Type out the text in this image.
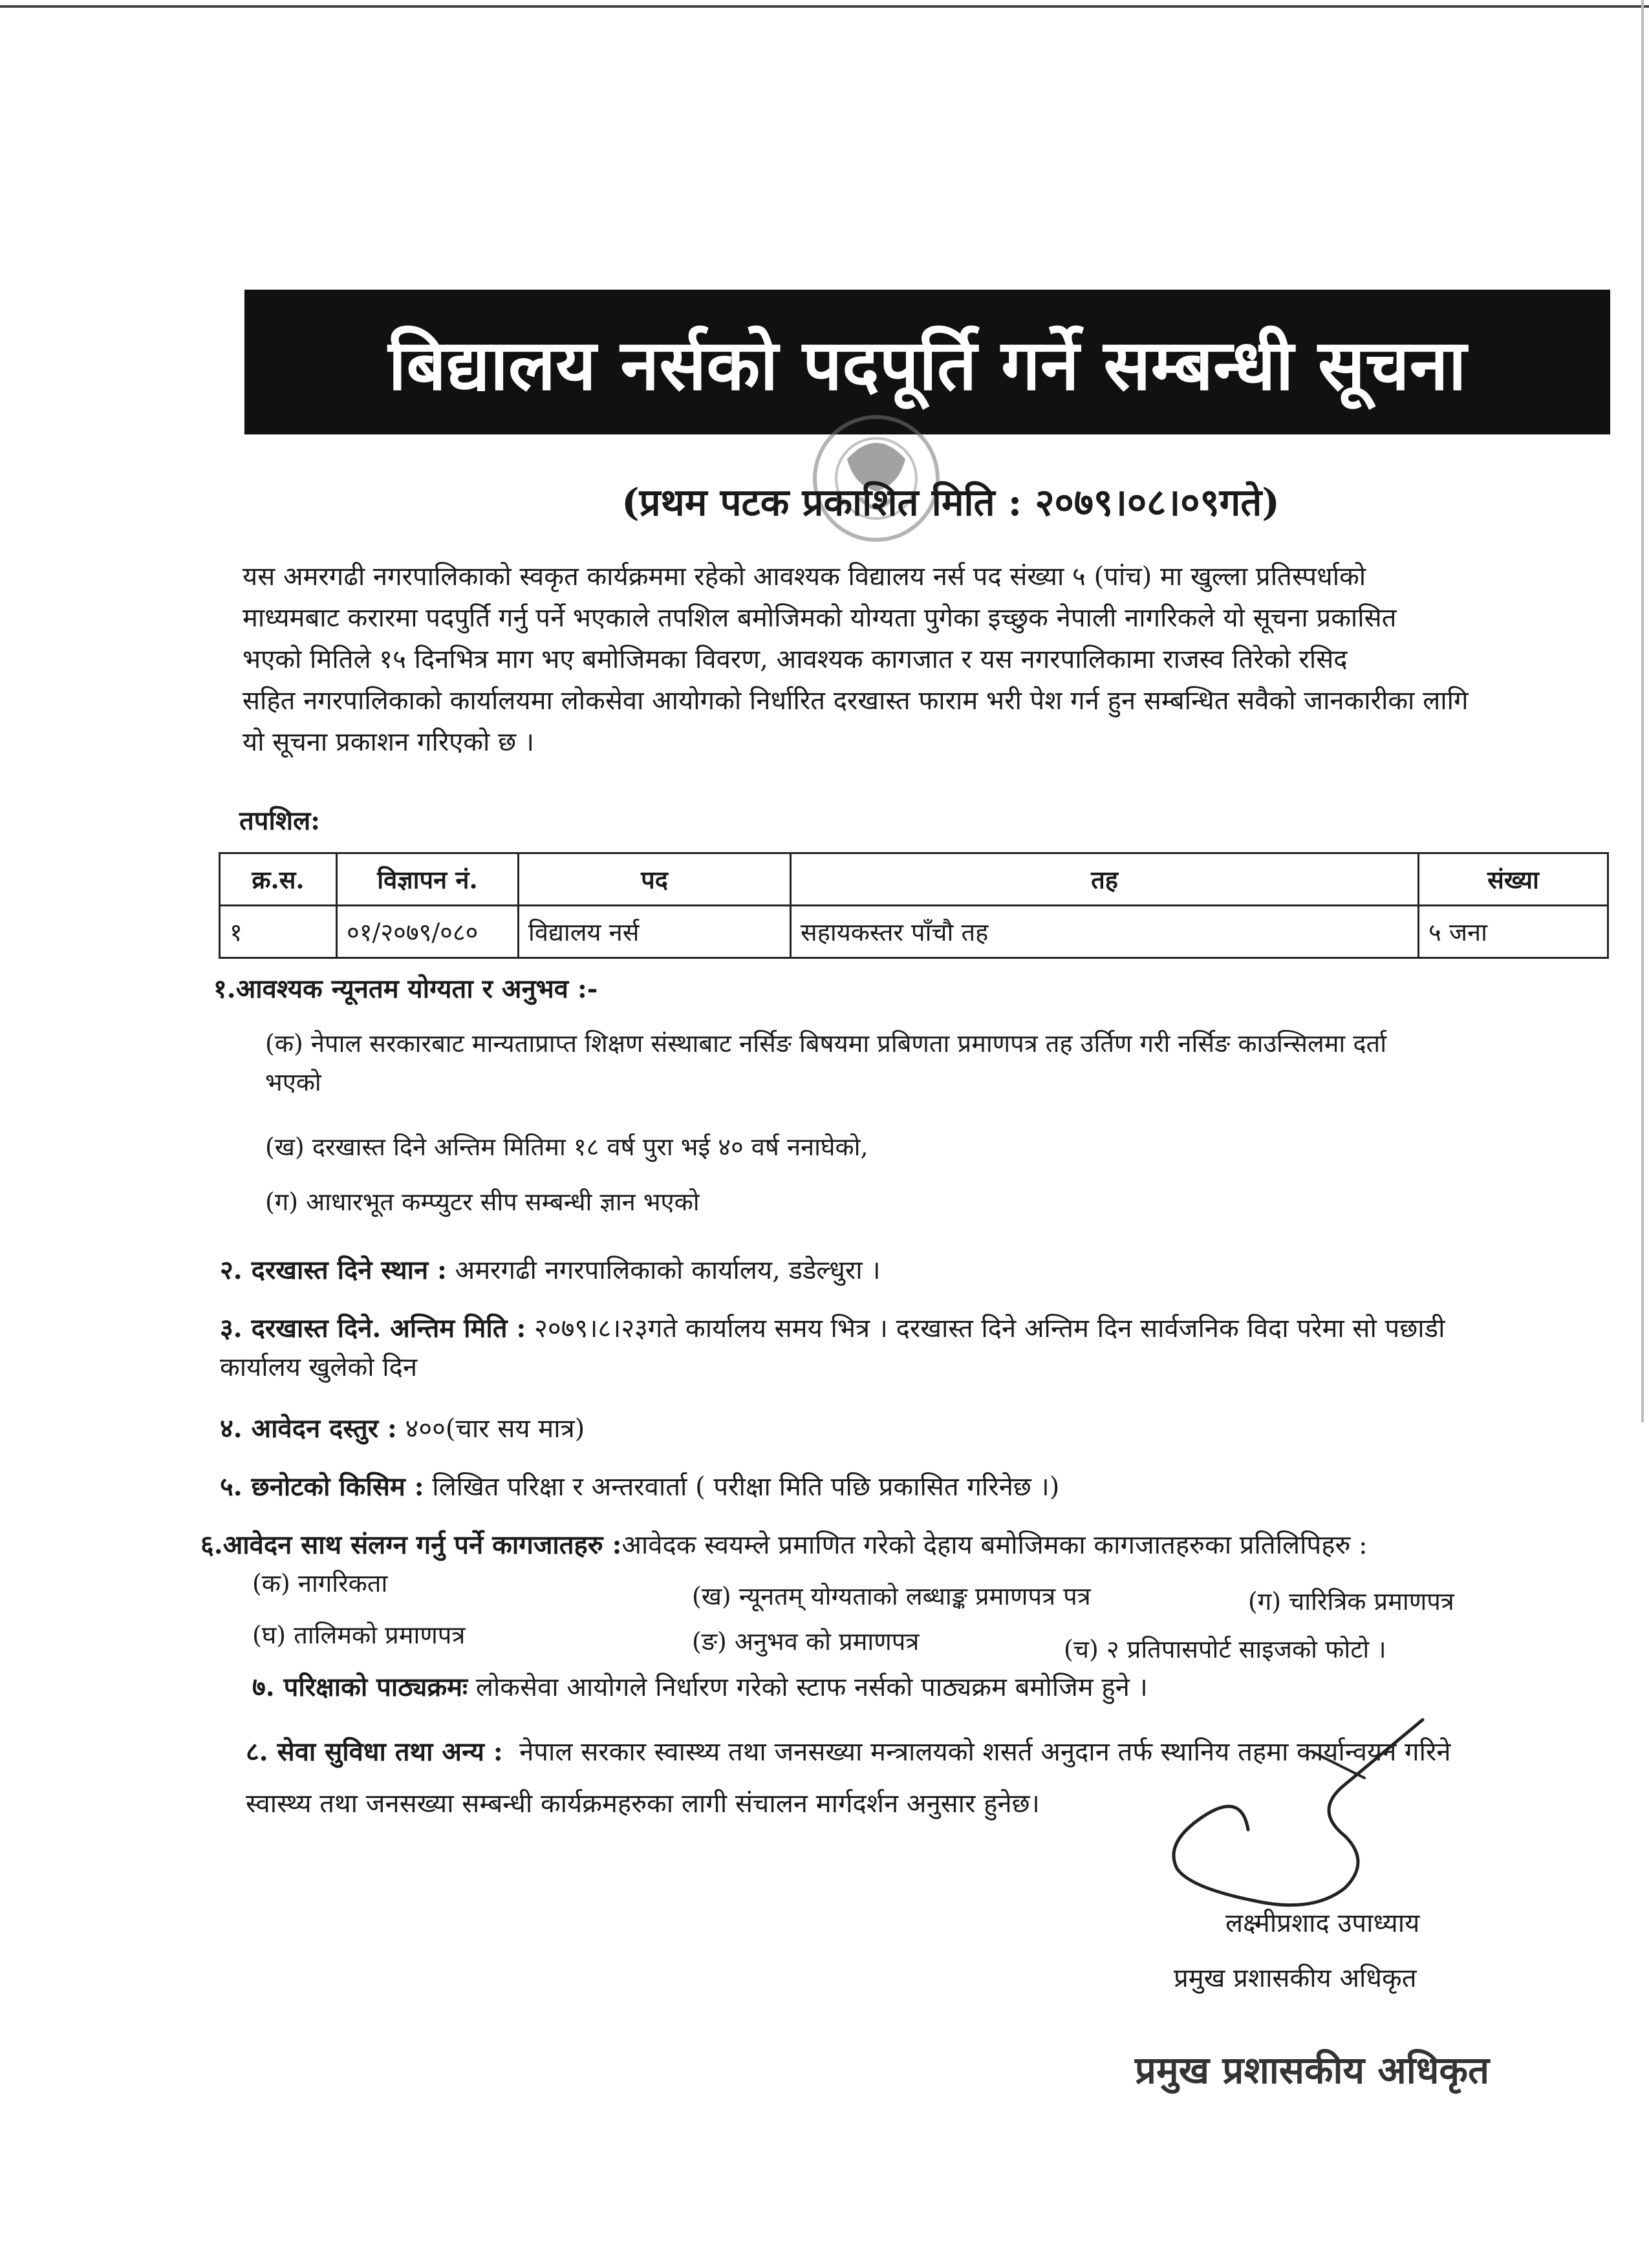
बिद्यालय नर्सको पदपूर्ति गर्ने सम्बन्धी सूचना
(प्रथम पटक प्रकाशित मिति : २०७९।०८।०९गते)
यस अमरगढी नगरपालिकाको स्वकृत कार्यक्रममा रहेको आवश्यक विद्यालय नर्स पद संख्या ५ (पांच) मा खुल्ला प्रतिस्पर्धाको
माध्यमबाट करारमा पदपुर्ति गर्नु पर्ने भएकाले तपशिल बमोजिमको योग्यता पुगेका इच्छुक नेपाली नागरिकले यो सूचना प्रकासित
भएको मितिले १५ दिनभित्र माग भए बमोजिमका विवरण, आवश्यक कागजात र यस नगरपालिकामा राजस्व तिरेको रसिद
सहित नगरपालिकाको कार्यालयमा लोकसेवा आयोगको निर्धारित दरखास्त फाराम भरी पेश गर्न हुन सम्बन्धित सवैको जानकारीका लागि
यो सूचना प्रकाशन गरिएको छ ।
तपशिल:
क्र.स.	विज्ञापन नं.	पद	तह	संख्या
१	०१/२०७९/०८०	विद्यालय नर्स	सहायकस्तर पाँचौ तह	५ जना
१.आवश्यक न्यूनतम योग्यता र अनुभव :-
(क) नेपाल सरकारबाट मान्यताप्राप्त शिक्षण संस्थाबाट नर्सिङ बिषयमा प्रबिणता प्रमाणपत्र तह उर्तिण गरी नर्सिङ काउन्सिलमा दर्ता
भएको
(ख) दरखास्त दिने अन्तिम मितिमा १८ वर्ष पुरा भई ४० वर्ष ननाघेको,
(ग) आधारभूत कम्प्युटर सीप सम्बन्धी ज्ञान भएको
२. दरखास्त दिने स्थान : अमरगढी नगरपालिकाको कार्यालय, डडेल्धुरा ।
३. दरखास्त दिने. अन्तिम मिति : २०७९।८।२३गते कार्यालय समय भित्र । दरखास्त दिने अन्तिम दिन सार्वजनिक विदा परेमा सो पछाडी
कार्यालय खुलेको दिन
४. आवेदन दस्तुर : ४००(चार सय मात्र)
५. छनोटको किसिम : लिखित परिक्षा र अन्तरवार्ता ( परीक्षा मिति पछि प्रकासित गरिनेछ ।)
६.आवेदन साथ संलग्न गर्नु पर्ने कागजातहरु :आवेदक स्वयम्ले प्रमाणित गरेको देहाय बमोजिमका कागजातहरुका प्रतिलिपिहरु :
(क) नागरिकता	(ख) न्यूनतम् योग्यताको लब्धाङ्क प्रमाणपत्र पत्र	(ग) चारित्रिक प्रमाणपत्र
(घ) तालिमको प्रमाणपत्र	(ङ) अनुभव को प्रमाणपत्र	(च) २ प्रतिपासपोर्ट साइजको फोटो ।
७. परिक्षाको पाठ्यक्रमः लोकसेवा आयोगले निर्धारण गरेको स्टाफ नर्सको पाठ्यक्रम बमोजिम हुने ।
८. सेवा सुविधा तथा अन्य : नेपाल सरकार स्वास्थ्य तथा जनसख्या मन्त्रालयको शसर्त अनुदान तर्फ स्थानिय तहमा कार्यान्वयन गरिने
स्वास्थ्य तथा जनसख्या सम्बन्धी कार्यक्रमहरुका लागी संचालन मार्गदर्शन अनुसार हुनेछ।
लक्ष्मीप्रशाद उपाध्याय
प्रमुख प्रशासकीय अधिकृत
प्रमुख प्रशासकीय अधिकृत
